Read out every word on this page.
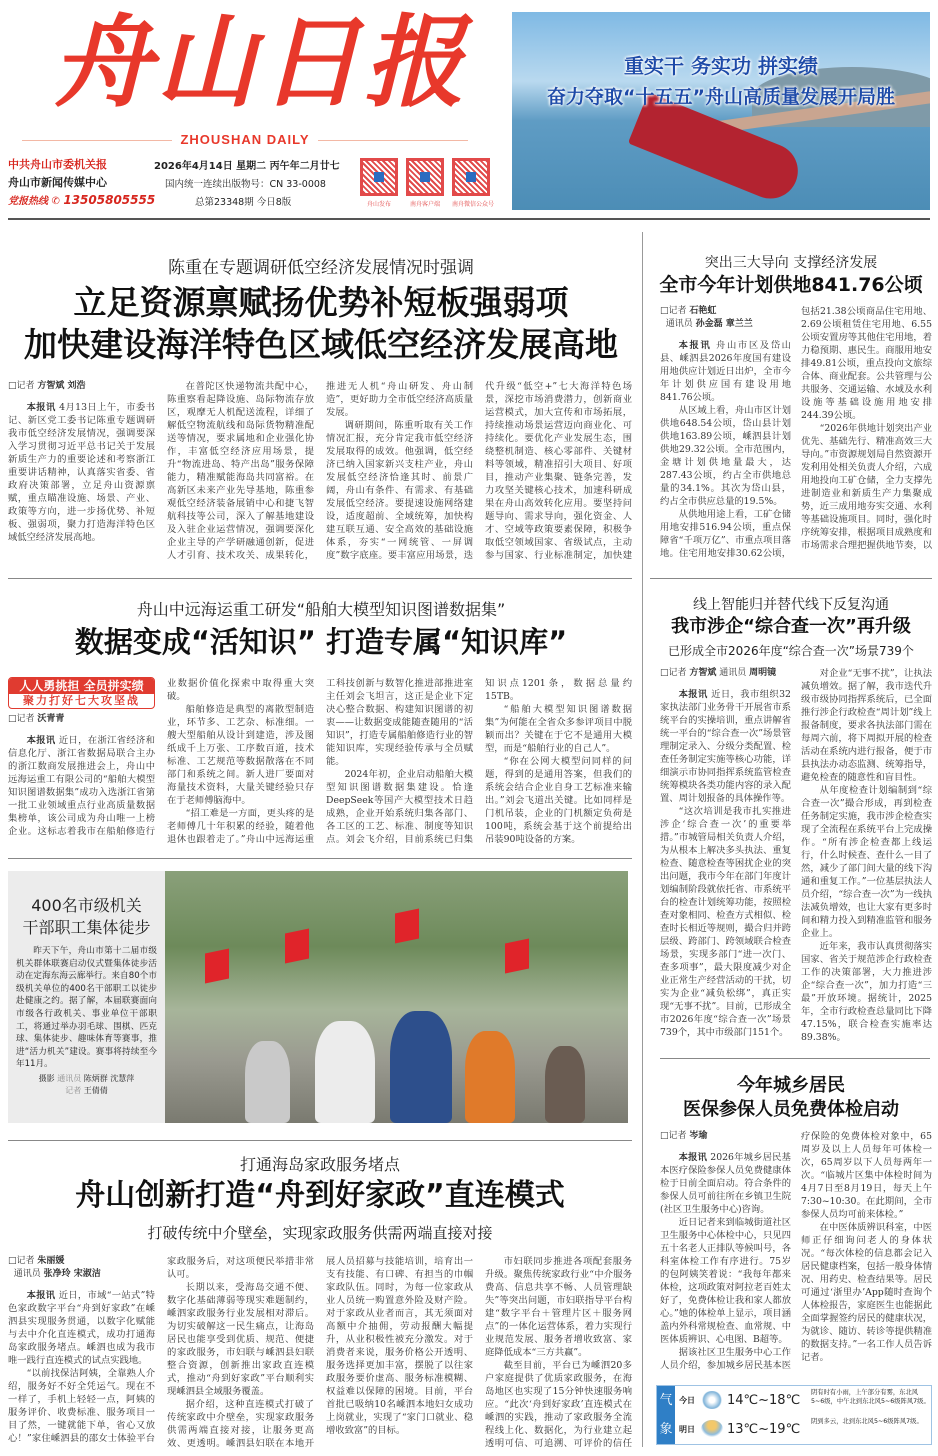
舟山日报
ZHOUSHAN DAILY
重实干 务实功 拼实绩
奋力夺取“十五五”舟山高质量发展开局胜
中共舟山市委机关报
舟山市新闻传媒中心
党报热线 ✆ 13505805555
2026年4月14日 星期二 丙午年二月廿七
国内统一连续出版物号：CN 33-0008
总第23348期 今日8版	舟山发布	南舟客户端	南舟微信公众号
陈重在专题调研低空经济发展情况时强调
立足资源禀赋扬优势补短板强弱项
加快建设海洋特色区域低空经济发展高地
□记者 方智斌 刘浩

本报讯 4月13日上午，市委书记、新区党工委书记陈重专题调研我市低空经济发展情况，强调要深入学习贯彻习近平总书记关于发展新质生产力的重要论述和考察浙江重要讲话精神，认真落实省委、省政府决策部署，立足舟山资源禀赋，重点瞄准设施、场景、产业、政策等方向，进一步扬优势、补短板、强弱项，聚力打造海洋特色区域低空经济发展高地。

在普陀区快递物流共配中心，陈重察看起降设施、岛际物流存放区，观摩无人机配送流程，详细了解低空物流航线和岛际货物精准配送等情况，要求属地和企业强化协作，丰富低空经济应用场景，提升“物流进岛、特产出岛”服务保障能力，精准赋能海岛共同富裕。在高新区未来产业先导基地，陈重参观低空经济装备展销中心和捷飞智航科技等公司，深入了解基地建设及入驻企业运营情况，强调要深化企业主导的产学研融通创新，促进人才引育、技术攻关、成果转化，推进无人机“舟山研发、舟山制造”，更好助力全市低空经济高质量发展。

调研期间，陈重听取有关工作情况汇报，充分肯定我市低空经济发展取得的成效。他强调，低空经济已纳入国家新兴支柱产业，舟山发展低空经济恰逢其时、前景广阔，舟山有条件、有需求、有基础发展低空经济。要提速设施网络建设，适度超前、全域统筹，加快构建互联互通、安全高效的基础设施体系，夯实“一网统管、一屏调度”数字底座。要丰富应用场景，迭代升级“低空+”七大海洋特色场景，深挖市场消费潜力，创新商业运营模式，加大宣传和市场拓展，持续推动场景运营迈向商业化、可持续化。要优化产业发展生态，围绕整机制造、核心零部件、关键材料等领域，精准招引大项目、好项目，推动产业集聚、链条完善，发力攻坚关键核心技术，加速科研成果在舟山高效转化应用。要坚持问题导向、需求导向，强化资金、人才、空域等政策要素保障，积极争取低空领域国家、省级试点，主动参与国家、行业标准制定，加快建

突出三大导向 支撑经济发展
全市今年计划供地841.76公顷
□记者 石艳虹
通讯员 孙金磊 章兰兰

本报讯 舟山市区及岱山县、嵊泗县2026年度国有建设用地供应计划近日出炉，全市今年计划供应国有建设用地841.76公顷。

从区域上看，舟山市区计划供地648.54公顷，岱山县计划供地163.89公顷，嵊泗县计划供地29.32公顷。全市范围内，金塘计划供地量最大，达287.43公顷，约占全市供地总量的34.1%。其次为岱山县，约占全市供应总量的19.5%。

从供地用途上看，工矿仓储用地安排516.94公顷，重点保障省“千项万亿”、市重点项目落地。住宅用地安排30.62公顷，包括21.38公顷商品住宅用地、2.69公顷租赁住宅用地、6.55公顷安置房等其他住宅用地，着力稳预期、惠民生。商服用地安排49.81公顷，重点投向文旅综合体、商业配套。公共管理与公共服务、交通运输、水域及水利设施等基础设施用地安排244.39公顷。

“2026年供地计划突出产业优先、基础先行、精准高效三大导向。”市资源规划局自然资源开发利用处相关负责人介绍，六成用地投向工矿仓储，全力支撑先进制造业和新质生产力集聚成势，近三成用地夯实交通、水利等基础设施项目。同时，强化时序统筹安排，根据项目成熟度和市场需求合理把握供地节奏，以

舟山中远海运重工研发“船舶大模型知识图谱数据集”
数据变成“活知识” 打造专属“知识库”
人人勇挑担 全员拼实绩
聚力打好七大攻坚战
□记者 沃青青

本报讯 近日，在浙江省经济和信息化厅、浙江省数据局联合主办的浙江数商发展推进会上，舟山中远海运重工有限公司的“船舶大模型知识图谱数据集”成功入选浙江省第一批工业领域重点行业高质量数据集榜单，该公司成为舟山唯一上榜企业。这标志着我市在船舶修造行业数据价值化探索中取得重大突破。

船舶修造是典型的离散型制造业，环节多、工艺杂、标准细。一艘大型船舶从设计到建造，涉及图纸成千上万张、工序数百道，技术标准、工艺规范等数据散落在不同部门和系统之间。新人进厂要面对海量技术资料，大量关键经验只存在于老师傅脑海中。

“招工难是一方面，更头疼的是老师傅几十年积累的经验，随着他退休也跟着走了。”舟山中远海运重工科技创新与数智化推进部推进室主任刘会飞坦言，这正是企业下定决心整合数据、构建知识图谱的初衷——让数据变成能随查随用的“活知识”，打造专属船舶修造行业的智能知识库，实现经验传承与全员赋能。

2024年初，企业启动船舶大模型知识图谱数据集建设。恰逢DeepSeek等国产大模型技术日趋成熟，企业开始系统归集各部门、各工区的工艺、标准、制度等知识点。刘会飞介绍，目前系统已归集知识点1201条，数据总量约15TB。

“船舶大模型知识图谱数据集”为何能在全省众多参评项目中脱颖而出？关键在于它不是通用大模型，而是“船舶行业的自己人”。

“你在公网大模型问同样的问题，得到的是通用答案，但我们的系统会结合企业自身工艺标准来输出。”刘会飞道出关键。比如同样是门机吊装，企业的门机额定负荷是100吨，系统会基于这个前提给出吊装90吨设备的方案。

400名市级机关
干部职工集体徒步
昨天下午，舟山市第十二届市级机关群体联赛启动仪式暨集体徒步活动在定海东海云廊举行。来自80个市级机关单位的400名干部职工以徒步赴健康之约。据了解，本届联赛面向市级各行政机关、事业单位干部职工，将通过举办羽毛球、围棋、匹克球、集体徒步、趣味体育等赛事，推进“活力机关”建设。赛事将持续至今年11月。
摄影 通讯员 陈炳群 沈慧萍
记者 王倩倩
线上智能归并替代线下反复沟通
我市涉企“综合查一次”再升级
已形成全市2026年度“综合查一次”场景739个
□记者 方智斌 通讯员 周明镜

本报讯 近日，我市组织32家执法部门业务骨干开展省市系统平台的实操培训，重点讲解省统一平台的“综合查一次”场景管理制定录入、分级分类配置、检查任务制定实施等核心功能，详细演示市协同指挥系统监管检查统筹模块各类功能内容的录入配置、周计划报备的具体操作等。

“这次培训是我市扎实推进涉企‘综合查一次’的重要举措。”市城管局相关负责人介绍，为从根本上解决多头执法、重复检查、随意检查等困扰企业的突出问题，我市今年在部门年度计划编制阶段就依托省、市系统平台的检查计划统筹功能，按照检查对象相同、检查方式相似、检查时长相近等规则，撮合归并跨层级、跨部门、跨领域联合检查场景，实现多部门“进一次门、查多项事”，最大限度减少对企业正常生产经营活动的干扰，切实为企业“减负松绑”，真正实现“无事不扰”。目前，已形成全市2026年度“综合查一次”场景739个，其中市级部门151个。

对企业“无事不扰”，让执法减负增效。据了解，我市迭代升级市级协同指挥系统后，已全面推行涉企行政检查“周计划”线上报备制度，要求各执法部门需在每周六前，将下周拟开展的检查活动在系统内进行报备，便于市县执法办动态监测、统筹指导，避免检查的随意性和盲目性。

从年度检查计划编制到“综合查一次”撮合形成，再到检查任务制定实施，我市涉企检查实现了全流程在系统平台上完成操作。“所有涉企检查都上线运行，什么时候查、查什么一目了然，减少了部门间大量的线下沟通和重复工作。”一位基层执法人员介绍，“综合查一次”为一线执法减负增效，也让大家有更多时间和精力投入到精准监管和服务企业上。

近年来，我市认真贯彻落实国家、省关于规范涉企行政检查工作的决策部署，大力推进涉企“综合查一次”，加力打造“三最”开放环境。据统计，2025年，全市行政检查总量同比下降47.15%，联合检查实施率达89.38%。

今年城乡居民
医保参保人员免费体检启动
□记者 岑瑜

本报讯 2026年城乡居民基本医疗保险参保人员免费健康体检于日前全面启动。符合条件的参保人员可前往所在乡镇卫生院(社区卫生服务中心)咨询。

近日记者来到临城街道社区卫生服务中心体检中心，只见四五十名老人正排队等候叫号，各科室体检工作有序进行。75岁的包阿姨笑着说：“我每年都来体检，这项政策对阿拉老百姓太好了，免费体检让我和家人都放心。”她的体检单上显示，项目涵盖内外科常规检查、血常规、中医体质辨识、心电图、B超等。

据该社区卫生服务中心工作人员介绍，参加城乡居民基本医疗保险的免费体检对象中，65周岁及以上人员每年可体检一次，65周岁以下人员每两年一次。“临城片区集中体检时间为4月7日至8月19日，每天上午7:30~10:30。在此期间，全市参保人员均可前来体检。”

在中医体质辨识科室，中医师正仔细询问老人的身体状况。“每次体检的信息都会记入居民健康档案，包括一般身体情况、用药史、检查结果等。居民可通过‘浙里办’App随时查询个人体检报告，家庭医生也能据此全面掌握签约居民的健康状况，为就诊、随访、转诊等提供精准的数据支持。”一名工作人员告诉记者。

气象
今日 14℃~18℃
阴有时有小雨，上午部分有雾，东北风5~6级，中午北到东北风5~6级阵风7级。
明日 13℃~19℃
阴到多云，北到东北风5~6级阵风7级。
打通海岛家政服务堵点
舟山创新打造“舟到好家政”直连模式
打破传统中介壁垒，实现家政服务供需两端直接对接
□记者 朱丽媛
通讯员 张净玲 宋淑洁

本报讯 近日，市域“一站式”特色家政数字平台“舟到好家政”在嵊泗县实现服务贯通，以数字化赋能与去中介化直连模式，成功打通海岛家政服务堵点。嵊泗也成为我市唯一践行直连模式的试点实践地。

“以前找保洁阿姨，全靠熟人介绍，服务好不好全凭运气。现在不一样了，手机上轻轻一点，阿姨的服务评价、收费标准、服务项目一目了然，一键就能下单，省心又放心！”家住嵊泗县的邵女士体验平台家政服务后，对这项便民举措非常认可。

长期以来，受海岛交通不便、数字化基础薄弱等现实难题制约，嵊泗家政服务行业发展相对滞后。为切实破解这一民生痛点，让海岛居民也能享受到优质、规范、便捷的家政服务，市妇联与嵊泗县妇联整合资源，创新推出家政直连模式，推动“舟到好家政”平台顺利实现嵊泗县全域服务覆盖。

据介绍，这种直连模式打破了传统家政中介壁垒，实现家政服务供需两端直接对接，让服务更高效、更透明。嵊泗县妇联在本地开展人员招募与技能培训，培育出一支有技能、有口碑、有担当的巾帼家政队伍。同时，为每一位家政从业人员统一购置意外险及财产险。对于家政从业者而言，其无须面对高额中介抽佣，劳动报酬大幅提升，从业积极性被充分激发。对于消费者来说，服务价格公开透明、服务选择更加丰富，摆脱了以往家政服务要价虚高、服务标准模糊、权益难以保障的困境。目前，平台首批已吸纳10名嵊泗本地妇女成功上岗就业，实现了“家门口就业、稳增收致富”的目标。

市妇联同步推进各项配套服务升级。聚焦传统家政行业“中介服务费高、信息共享不畅、人员管理缺失”等突出问题，市妇联指导平台构建“数字平台＋管理片区＋服务网点”的一体化运营体系，着力实现行业规范发展、服务者增收致富、家庭降低成本“三方共赢”。

截至目前，平台已为嵊泗20多户家庭提供了优质家政服务，在海岛地区也实现了15分钟快速服务响应。“此次‘舟到好家政’直连模式在嵊泗的实践，推动了家政服务全流程线上化、数据化，为行业建立起透明可信、可追溯、可评价的信任
